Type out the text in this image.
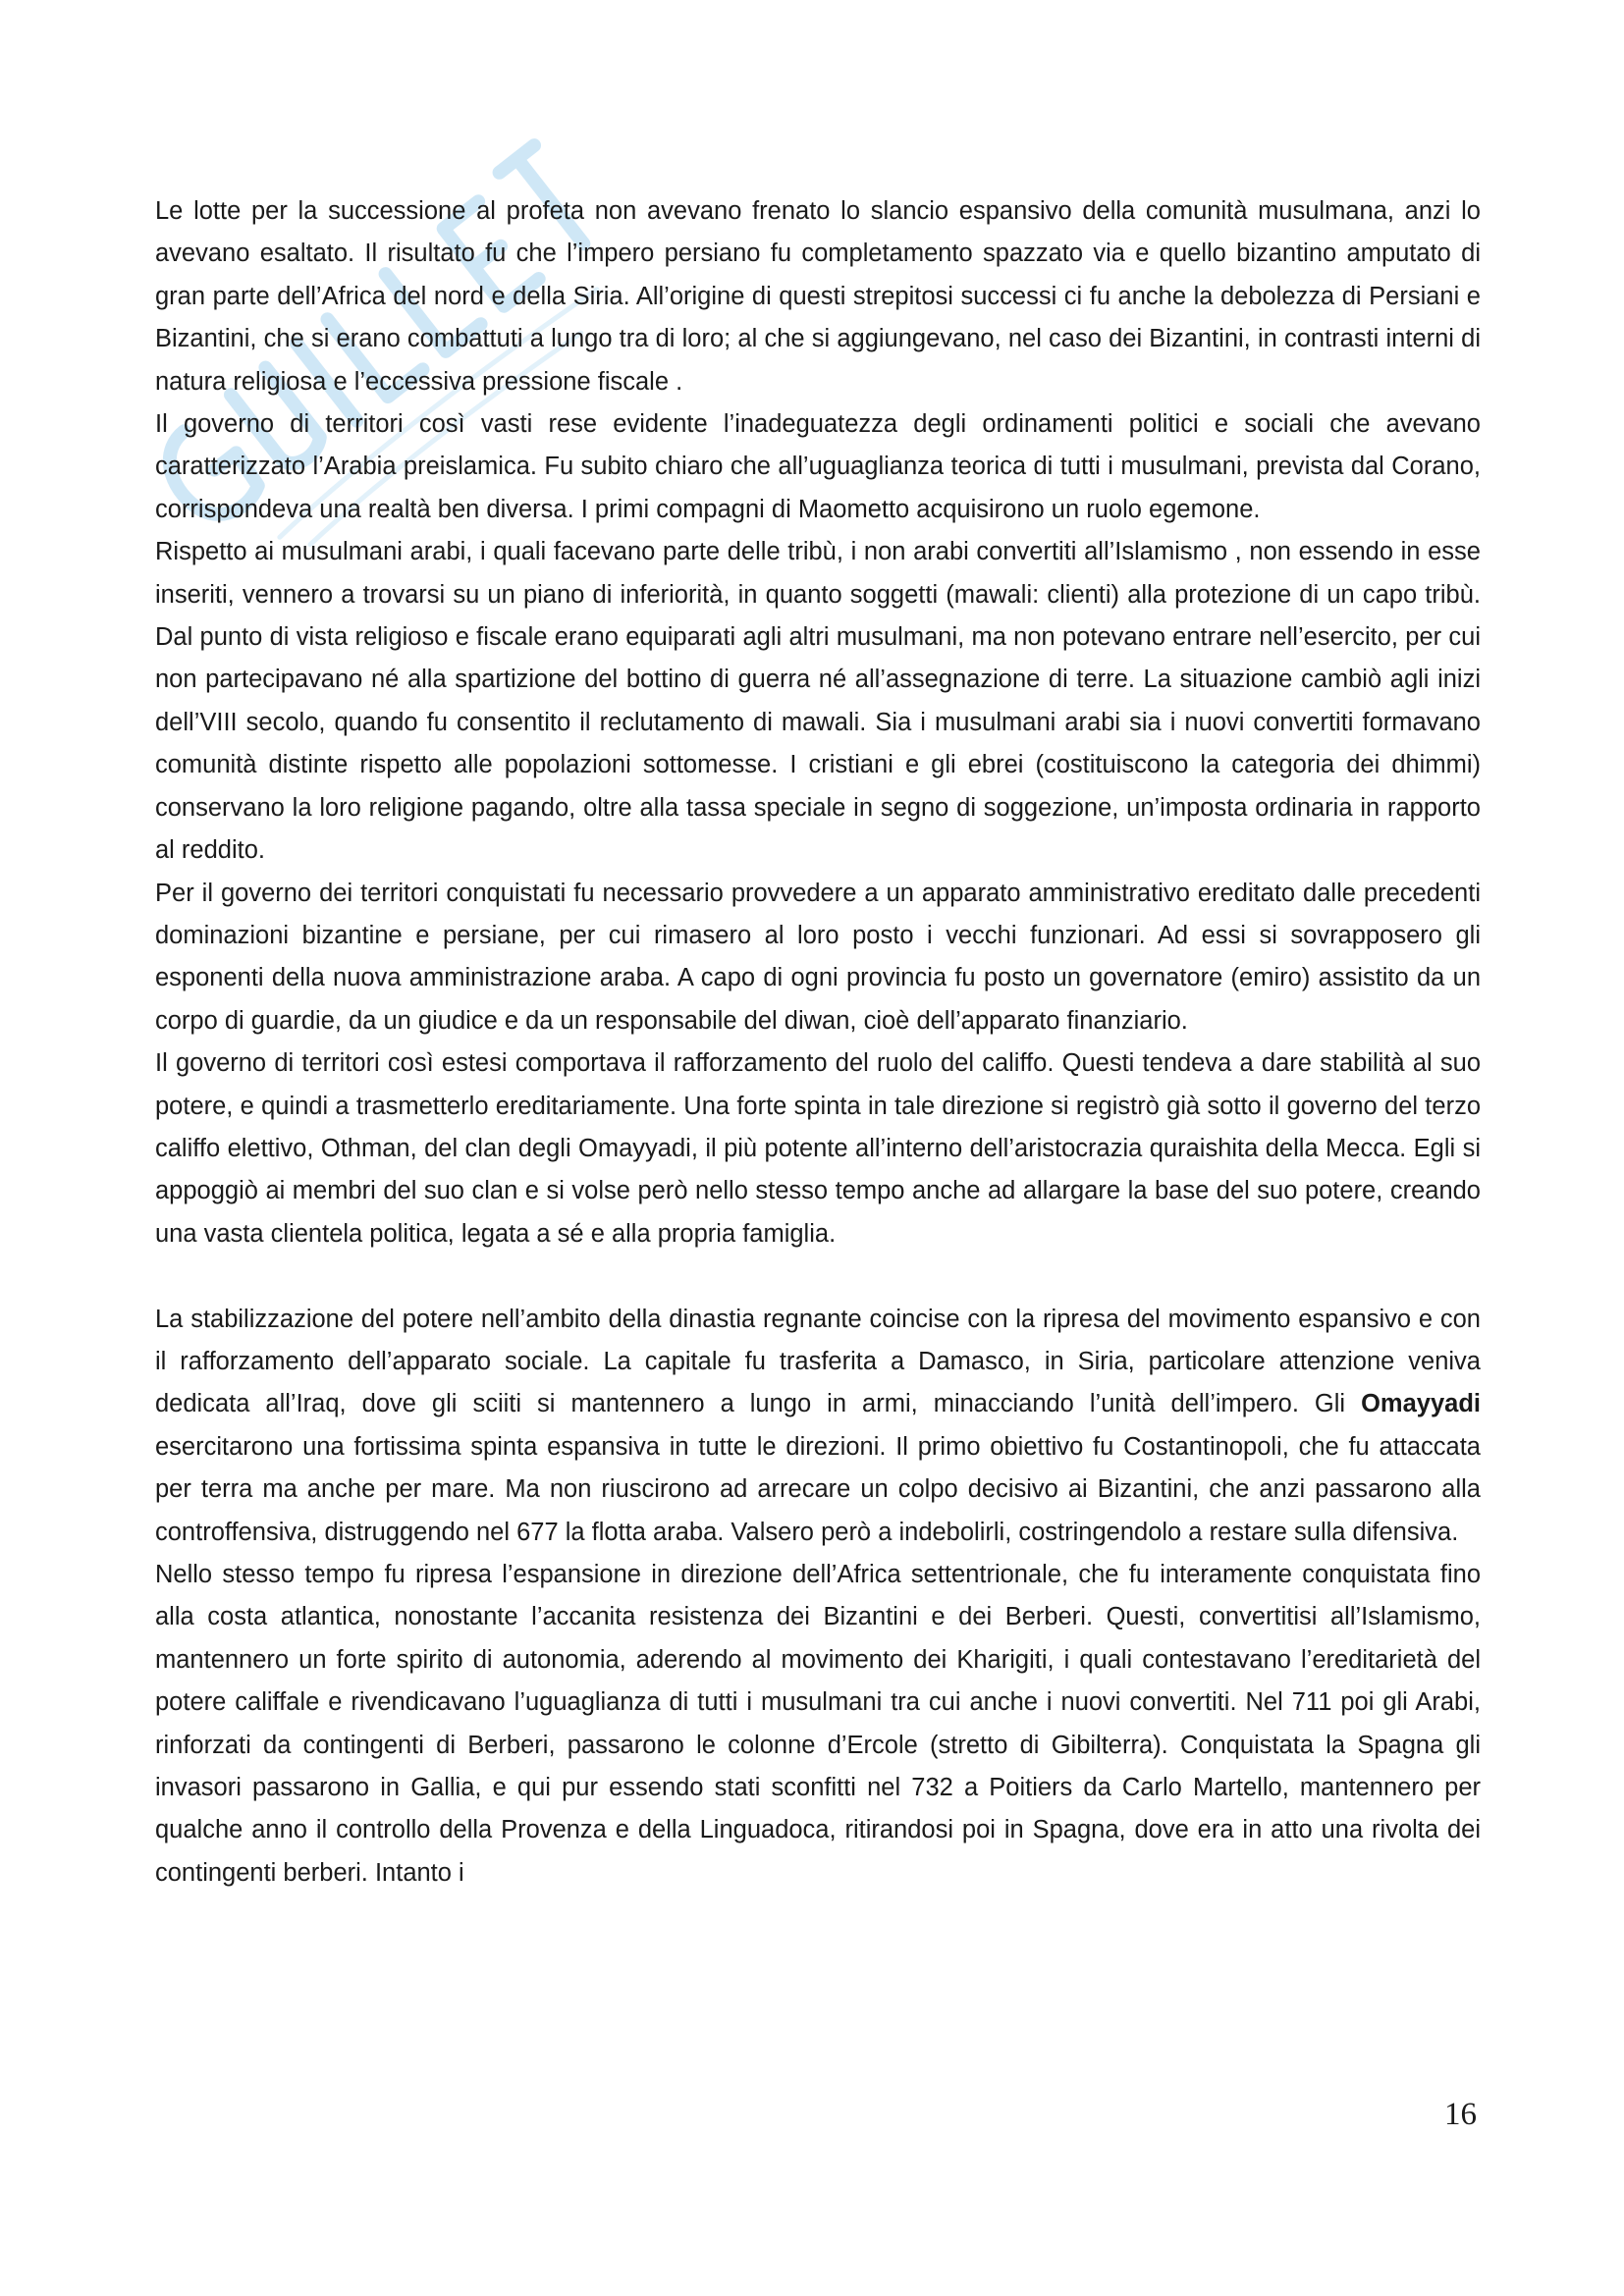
Le lotte per la successione al profeta non avevano frenato lo slancio espansivo della comunità musulmana, anzi lo avevano esaltato. Il risultato fu che l’impero persiano fu completamento spazzato via e quello bizantino amputato di gran parte dell’Africa del nord e della Siria. All’origine di questi strepitosi successi ci fu anche la debolezza di Persiani e Bizantini, che si erano combattuti a lungo tra di loro; al che si aggiungevano, nel caso dei Bizantini, in contrasti interni di natura religiosa e l’eccessiva pressione fiscale .

Il governo di territori così vasti rese evidente l’inadeguatezza degli ordinamenti politici e sociali che avevano caratterizzato l’Arabia preislamica. Fu subito chiaro che all’uguaglianza teorica di tutti i musulmani, prevista dal Corano, corrispondeva una realtà ben diversa. I primi compagni di Maometto acquisirono un ruolo egemone.

Rispetto ai musulmani arabi, i quali facevano parte delle tribù, i non arabi convertiti all’Islamismo , non essendo in esse inseriti, vennero a trovarsi su un piano di inferiorità, in quanto soggetti (mawali: clienti) alla protezione di un capo tribù. Dal punto di vista religioso e fiscale erano equiparati agli altri musulmani, ma non potevano entrare nell’esercito, per cui non partecipavano né alla spartizione del bottino di guerra né all’assegnazione di terre. La situazione cambiò agli inizi dell’VIII secolo, quando fu consentito il reclutamento di mawali. Sia i musulmani arabi sia i nuovi convertiti formavano comunità distinte rispetto alle popolazioni sottomesse. I cristiani e gli ebrei (costituiscono la categoria dei dhimmi) conservano la loro religione pagando, oltre alla tassa speciale in segno di soggezione, un’imposta ordinaria in rapporto al reddito.

Per il governo dei territori conquistati fu necessario provvedere a un apparato amministrativo ereditato dalle precedenti dominazioni bizantine e persiane, per cui rimasero al loro posto i vecchi funzionari. Ad essi si sovrapposero gli esponenti della nuova amministrazione araba. A capo di ogni provincia fu posto un governatore (emiro) assistito da un corpo di guardie, da un giudice e da un responsabile del diwan, cioè dell’apparato finanziario.

Il governo di territori così estesi comportava il rafforzamento del ruolo del califfo. Questi tendeva a dare stabilità al suo potere, e quindi a trasmetterlo ereditariamente. Una forte spinta in tale direzione si registrò già sotto il governo del terzo califfo elettivo, Othman, del clan degli Omayyadi, il più potente all’interno dell’aristocrazia quraishita della Mecca. Egli si appoggiò ai membri del suo clan e si volse però nello stesso tempo anche ad allargare la base del suo potere, creando una vasta clientela politica, legata a sé e alla propria famiglia.

La stabilizzazione del potere nell’ambito della dinastia regnante coincise con la ripresa del movimento espansivo e con il rafforzamento dell’apparato sociale. La capitale fu trasferita a Damasco, in Siria, particolare attenzione veniva dedicata all’Iraq, dove gli sciiti si mantennero a lungo in armi, minacciando l’unità dell’impero. Gli Omayyadi esercitarono una fortissima spinta espansiva in tutte le direzioni. Il primo obiettivo fu Costantinopoli, che fu attaccata per terra ma anche per mare. Ma non riuscirono ad arrecare un colpo decisivo ai Bizantini, che anzi passarono alla controffensiva, distruggendo nel 677 la flotta araba. Valsero però a indebolirli, costringendolo a restare sulla difensiva.

Nello stesso tempo fu ripresa l’espansione in direzione dell’Africa settentrionale, che fu interamente conquistata fino alla costa atlantica, nonostante l’accanita resistenza dei Bizantini e dei Berberi. Questi, convertitisi all’Islamismo, mantennero un forte spirito di autonomia, aderendo al movimento dei Kharigiti, i quali contestavano l’ereditarietà del potere califfale e rivendicavano l’uguaglianza di tutti i musulmani tra cui anche i nuovi convertiti. Nel 711 poi gli Arabi, rinforzati da contingenti di Berberi, passarono le colonne d’Ercole (stretto di Gibilterra). Conquistata la Spagna gli invasori passarono in Gallia, e qui pur essendo stati sconfitti nel 732 a Poitiers da Carlo Martello, mantennero per qualche anno il controllo della Provenza e della Linguadoca, ritirandosi poi in Spagna, dove era in atto una rivolta dei contingenti berberi. Intanto i

16
